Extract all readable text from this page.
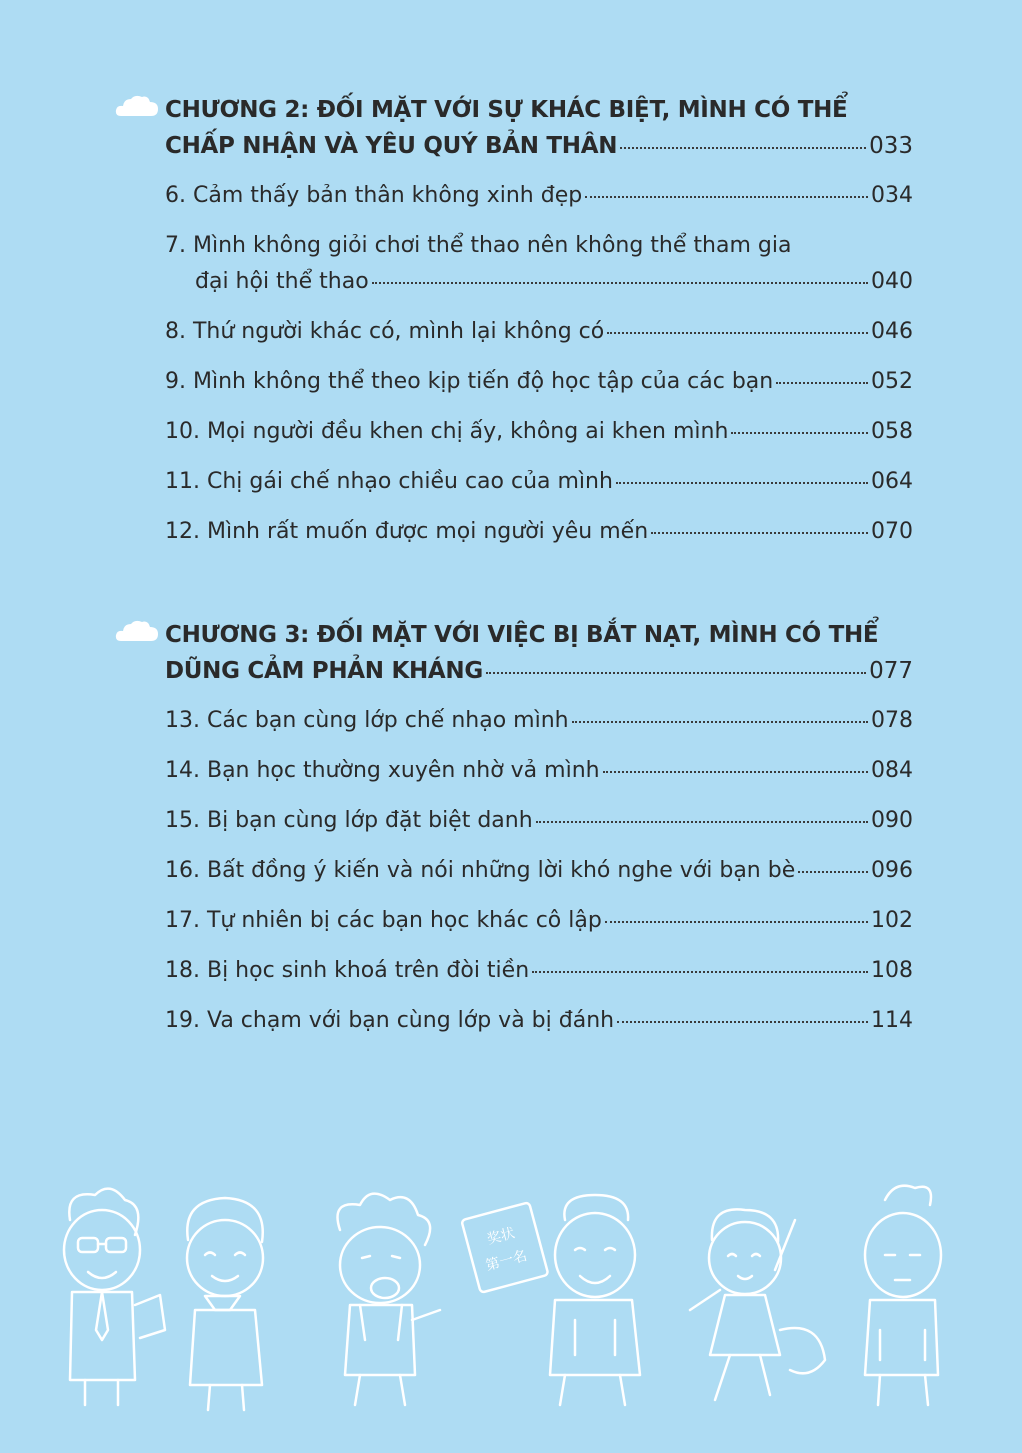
CHƯƠNG 2: ĐỐI MẶT VỚI SỰ KHÁC BIỆT, MÌNH CÓ THỂ
CHẤP NHẬN VÀ YÊU QUÝ BẢN THÂN	033
6. Cảm thấy bản thân không xinh đẹp	034
7. Mình không giỏi chơi thể thao nên không thể tham gia
đại hội thể thao	040
8. Thứ người khác có, mình lại không có	046
9. Mình không thể theo kịp tiến độ học tập của các bạn	052
10. Mọi người đều khen chị ấy, không ai khen mình	058
11. Chị gái chế nhạo chiều cao của mình	064
12. Mình rất muốn được mọi người yêu mến	070
CHƯƠNG 3: ĐỐI MẶT VỚI VIỆC BỊ BẮT NẠT, MÌNH CÓ THỂ
DŨNG CẢM PHẢN KHÁNG	077
13. Các bạn cùng lớp chế nhạo mình	078
14. Bạn học thường xuyên nhờ vả mình	084
15. Bị bạn cùng lớp đặt biệt danh	090
16. Bất đồng ý kiến và nói những lời khó nghe với bạn bè	096
17. Tự nhiên bị các bạn học khác cô lập	102
18. Bị học sinh khoá trên đòi tiền	108
19. Va chạm với bạn cùng lớp và bị đánh	114
奖状
第一名
